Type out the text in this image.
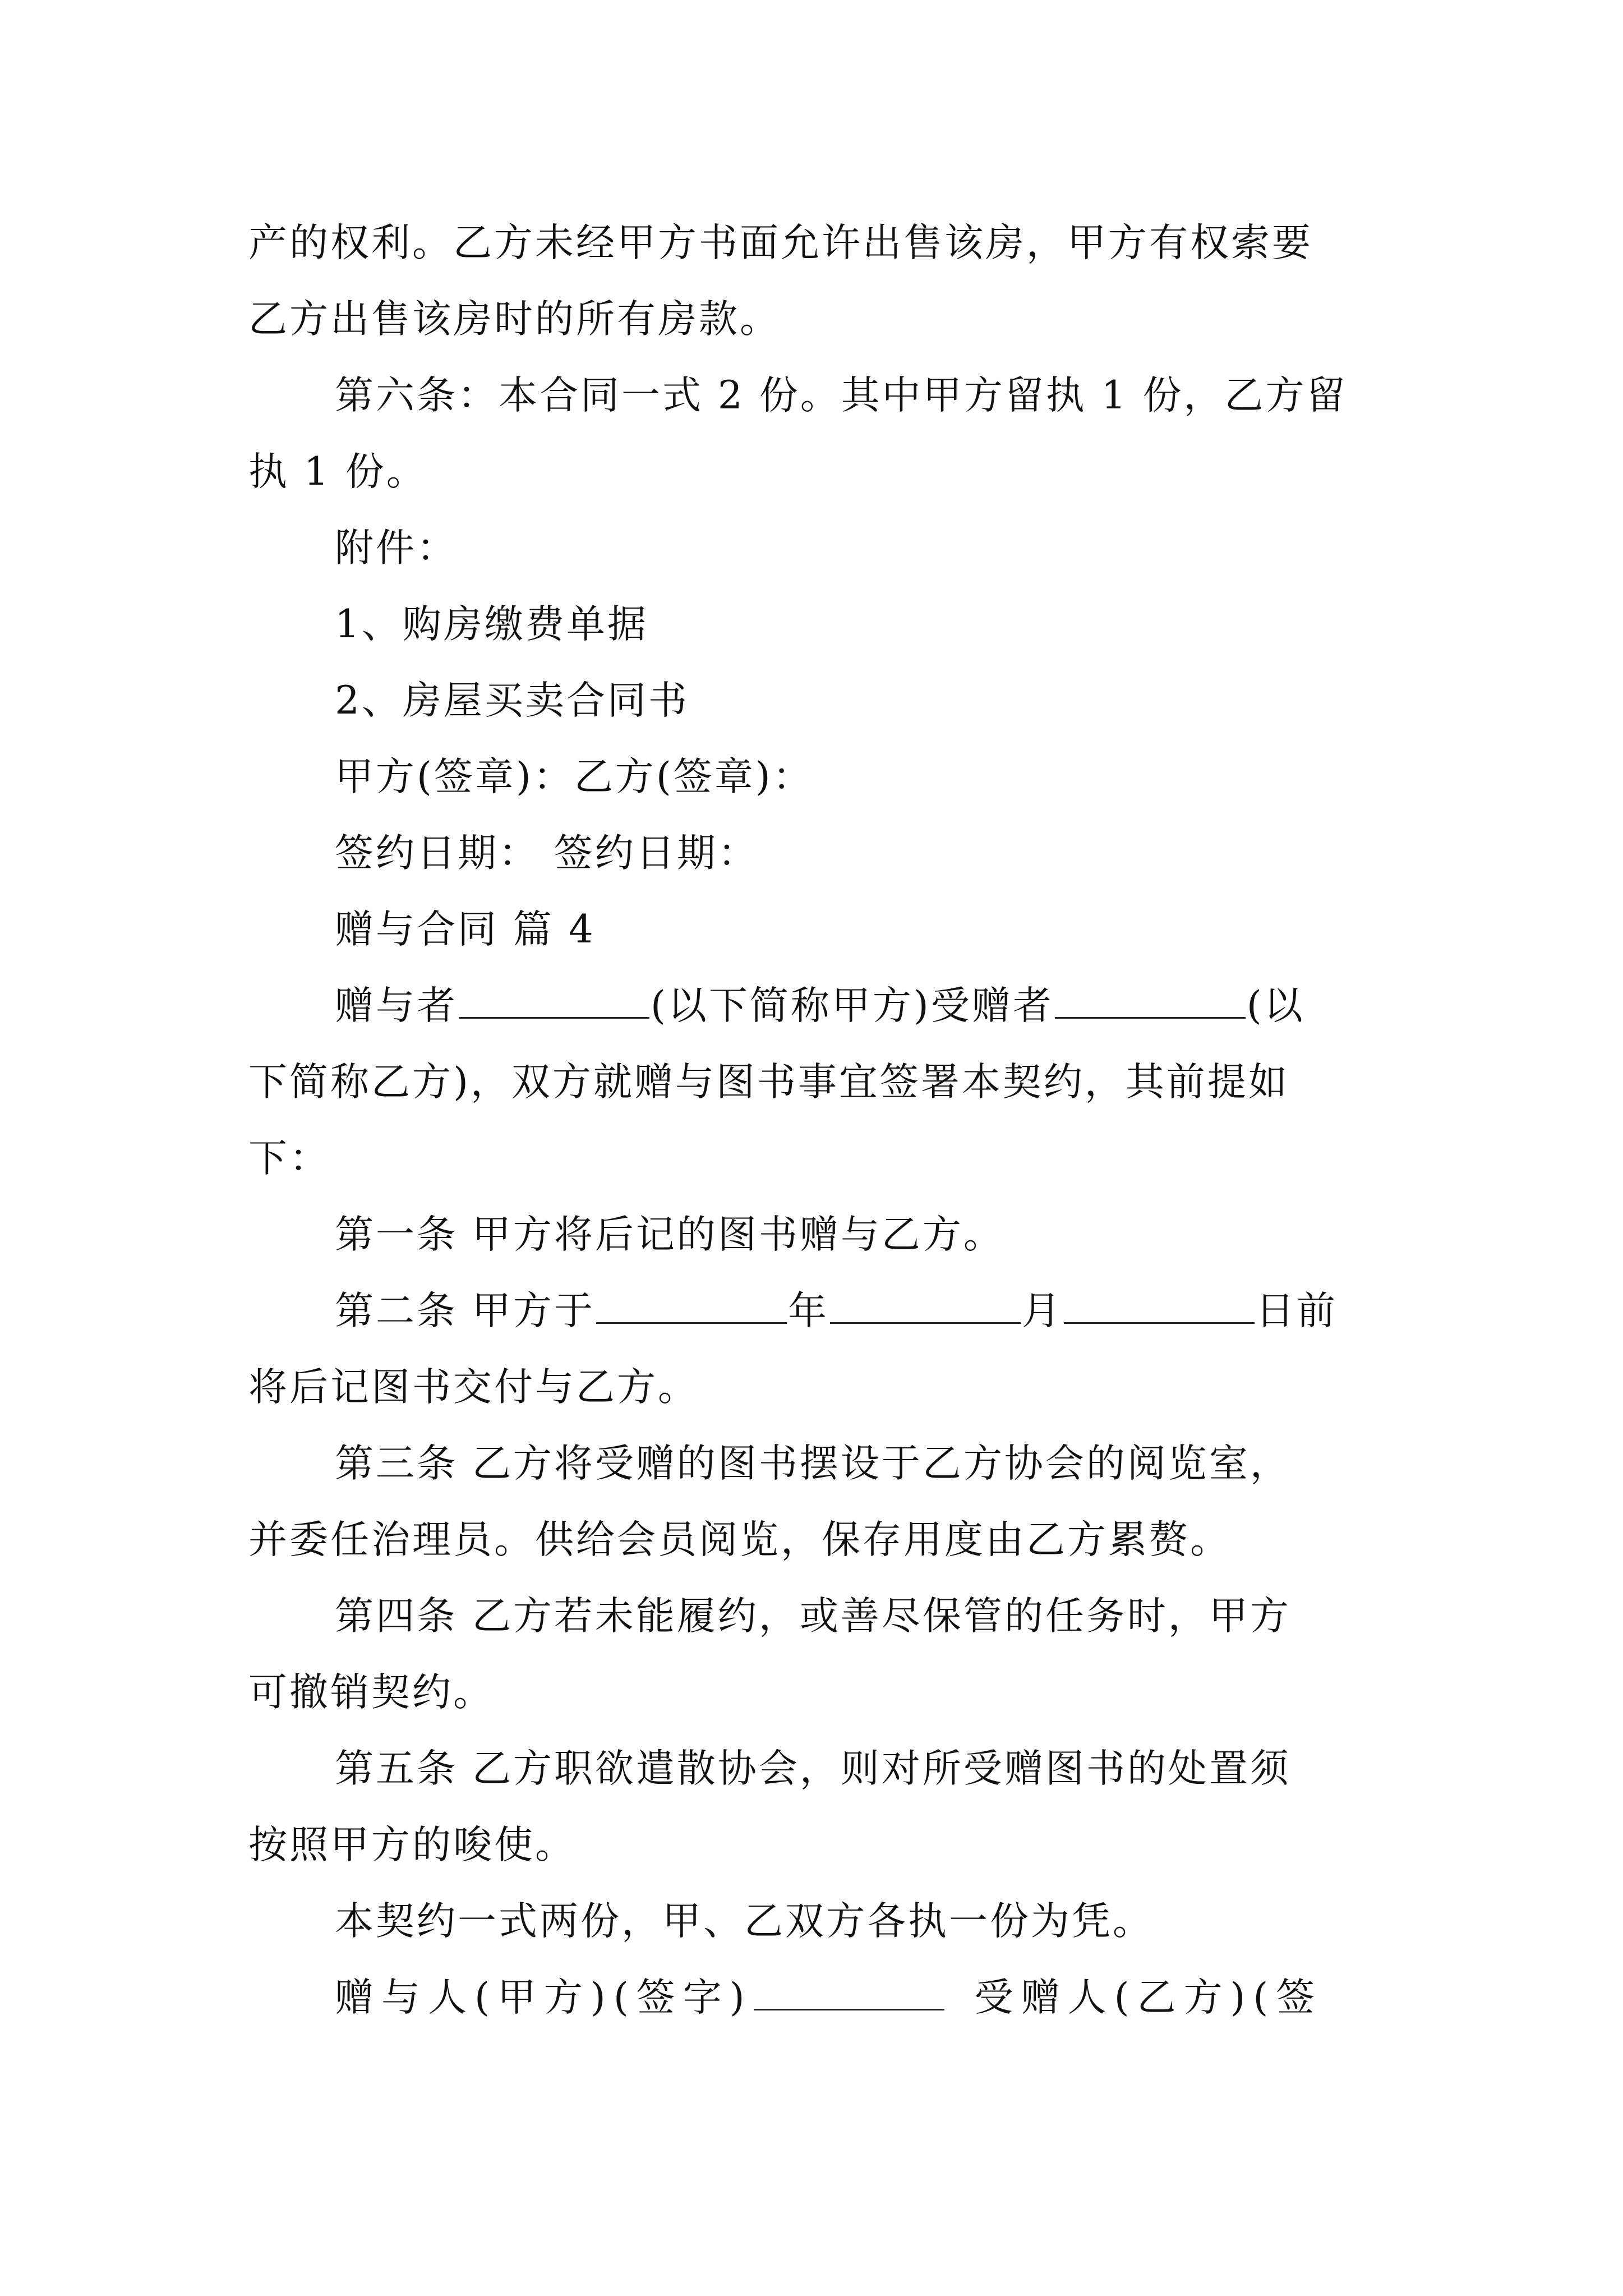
产的权利。乙方未经甲方书面允许出售该房，甲方有权索要
乙方出售该房时的所有房款。
第六条：本合同一式 2 份。其中甲方留执 1 份，乙方留
执 1 份。
附件：
1、购房缴费单据
2、房屋买卖合同书
甲方(签章)：乙方(签章)：
签约日期： 签约日期：
赠与合同 篇 4
赠与者	(以下简称甲方)受赠者	(以
下简称乙方)，双方就赠与图书事宜签署本契约，其前提如
下：
第一条 甲方将后记的图书赠与乙方。
第二条 甲方于	年	月	日前
将后记图书交付与乙方。
第三条 乙方将受赠的图书摆设于乙方协会的阅览室，
并委任治理员。供给会员阅览，保存用度由乙方累赘。
第四条 乙方若未能履约，或善尽保管的任务时，甲方
可撤销契约。
第五条 乙方职欲遣散协会，则对所受赠图书的处置须
按照甲方的唆使。
本契约一式两份，甲、乙双方各执一份为凭。
赠与人(甲方)(签字)	受赠人(乙方)(签
